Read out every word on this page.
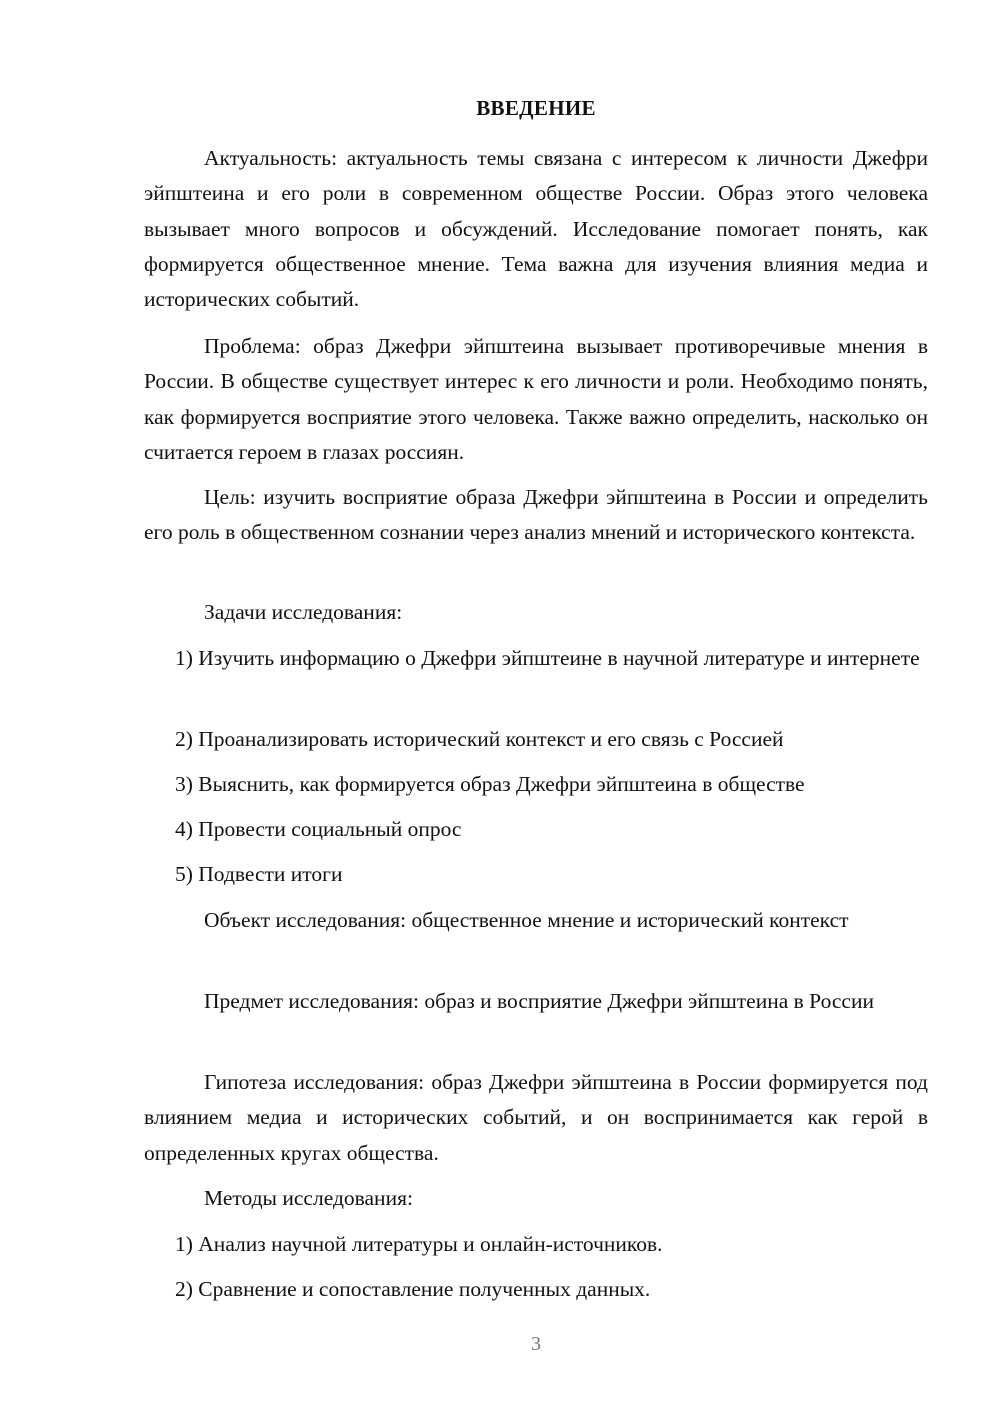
ВВЕДЕНИЕ

Актуальность: актуальность темы связана с интересом к личности Джефри эйпштеина и его роли в современном обществе России. Образ этого человека вызывает много вопросов и обсуждений. Исследование помогает понять, как формируется общественное мнение. Тема важна для изучения влияния медиа и исторических событий.

Проблема: образ Джефри эйпштеина вызывает противоречивые мнения в России. В обществе существует интерес к его личности и роли. Необходимо понять, как формируется восприятие этого человека. Также важно определить, насколько он считается героем в глазах россиян.

Цель: изучить восприятие образа Джефри эйпштеина в России и определить его роль в общественном сознании через анализ мнений и исторического контекста.

Задачи исследования:

1) Изучить информацию о Джефри эйпштеине в научной литературе и интернете

2) Проанализировать исторический контекст и его связь с Россией

3) Выяснить, как формируется образ Джефри эйпштеина в обществе

4) Провести социальный опрос

5) Подвести итоги

Объект исследования: общественное мнение и исторический контекст

Предмет исследования: образ и восприятие Джефри эйпштеина в России

Гипотеза исследования: образ Джефри эйпштеина в России формируется под влиянием медиа и исторических событий, и он воспринимается как герой в определенных кругах общества.

Методы исследования:

1) Анализ научной литературы и онлайн-источников.

2) Сравнение и сопоставление полученных данных.

3
